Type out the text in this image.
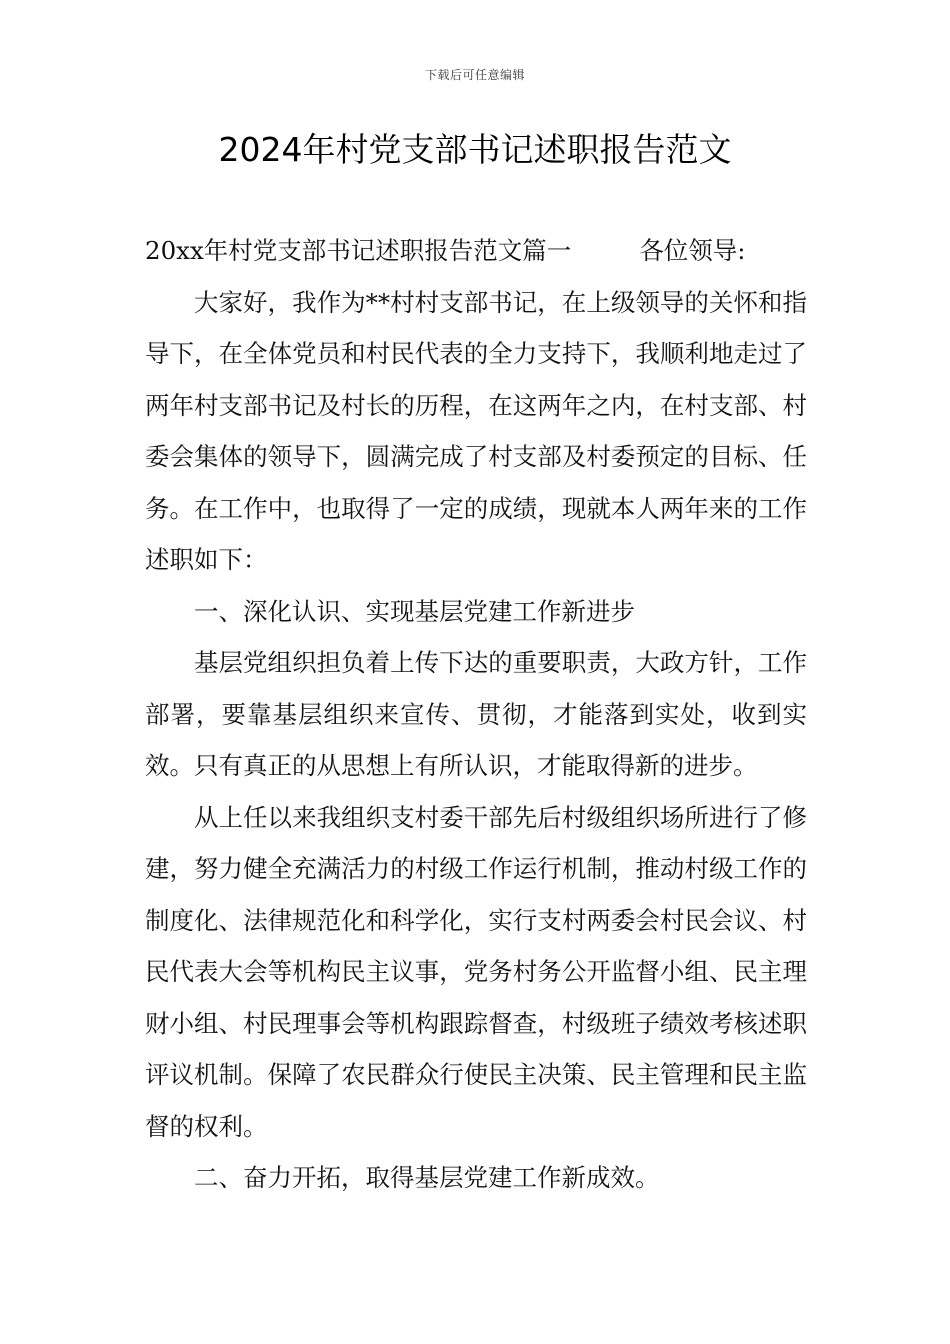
下载后可任意编辑
2024年村党支部书记述职报告范文

20xx年村党支部书记述职报告范文篇一	各位领导:

大家好，我作为**村村支部书记，在上级领导的关怀和指导下，在全体党员和村民代表的全力支持下，我顺利地走过了两年村支部书记及村长的历程，在这两年之内，在村支部、村委会集体的领导下，圆满完成了村支部及村委预定的目标、任务。在工作中，也取得了一定的成绩，现就本人两年来的工作述职如下：

一、深化认识、实现基层党建工作新进步

基层党组织担负着上传下达的重要职责，大政方针，工作部署，要靠基层组织来宣传、贯彻，才能落到实处，收到实效。只有真正的从思想上有所认识，才能取得新的进步。

从上任以来我组织支村委干部先后村级组织场所进行了修建，努力健全充满活力的村级工作运行机制，推动村级工作的制度化、法律规范化和科学化，实行支村两委会村民会议、村民代表大会等机构民主议事，党务村务公开监督小组、民主理财小组、村民理事会等机构跟踪督查，村级班子绩效考核述职评议机制。保障了农民群众行使民主决策、民主管理和民主监督的权利。

二、奋力开拓，取得基层党建工作新成效。
